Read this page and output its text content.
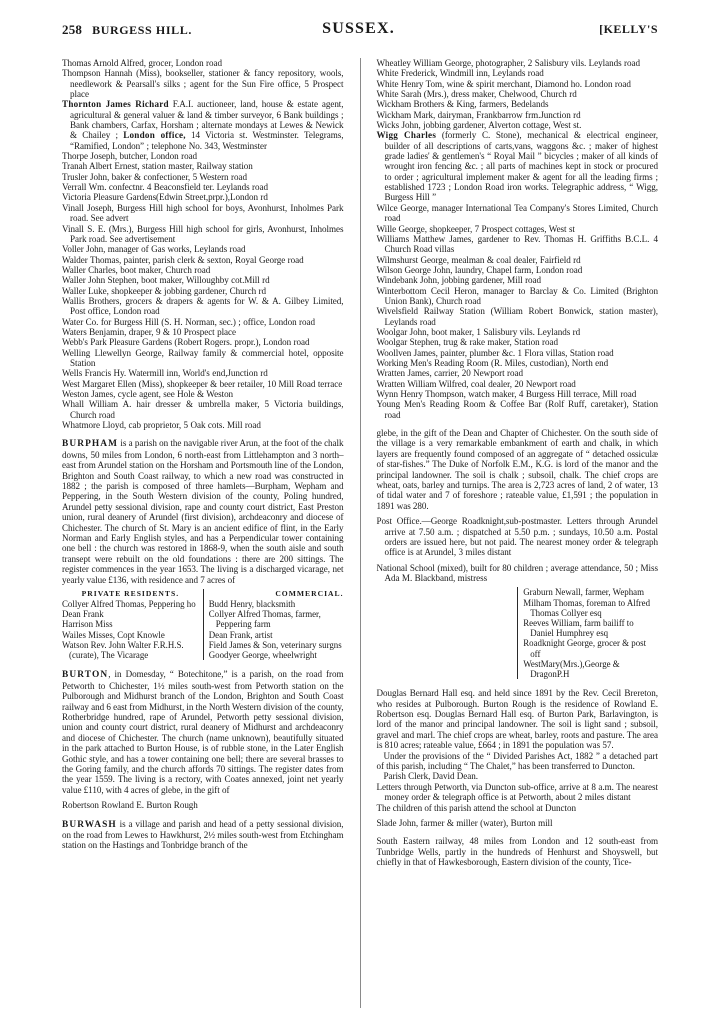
258 BURGESS HILL.	SUSSEX.	[KELLY'S

Thomas Arnold Alfred, grocer, London road

Thompson Hannah (Miss), bookseller, stationer & fancy repository, wools, needlework & Pearsall's silks ; agent for the Sun Fire office, 5 Prospect place

Thornton James Richard F.A.I. auctioneer, land, house & estate agent, agricultural & general valuer & land & timber surveyor, 6 Bank buildings ; Bank chambers, Carfax, Horsham ; alternate mondays at Lewes & Newick & Chailey ; London office, 14 Victoria st. Westminster. Telegrams, “Ramified, London” ; telephone No. 343, Westminster

Thorpe Joseph, butcher, London road

Tranah Albert Ernest, station master, Railway station

Trusler John, baker & confectioner, 5 Western road

Verrall Wm. confectnr. 4 Beaconsfield ter. Leylands road

Victoria Pleasure Gardens(Edwin Street,prpr.),London rd

Vinall Joseph, Burgess Hill high school for boys, Avonhurst, Inholmes Park road. See advert

Vinall S. E. (Mrs.), Burgess Hill high school for girls, Avonhurst, Inholmes Park road. See advertisement

Voller John, manager of Gas works, Leylands road

Walder Thomas, painter, parish clerk & sexton, Royal George road

Waller Charles, boot maker, Church road

Waller John Stephen, boot maker, Willoughby cot.Mill rd

Waller Luke, shopkeeper & jobbing gardener, Church rd

Wallis Brothers, grocers & drapers & agents for W. & A. Gilbey Limited, Post office, London road

Water Co. for Burgess Hill (S. H. Norman, sec.) ; office, London road

Waters Benjamin, draper, 9 & 10 Prospect place

Webb's Park Pleasure Gardens (Robert Rogers. propr.), London road

Welling Llewellyn George, Railway family & commercial hotel, opposite Station

Wells Francis Hy. Watermill inn, World's end,Junction rd

West Margaret Ellen (Miss), shopkeeper & beer retailer, 10 Mill Road terrace

Weston James, cycle agent, see Hole & Weston

Whall William A. hair dresser & umbrella maker, 5 Victoria buildings, Church road

Whatmore Lloyd, cab proprietor, 5 Oak cots. Mill road

BURPHAM is a parish on the navigable river Arun, at the foot of the chalk downs, 50 miles from London, 6 north-east from Littlehampton and 3 north–east from Arundel station on the Horsham and Portsmouth line of the London, Brighton and South Coast railway, to which a new road was constructed in 1882 ; the parish is composed of three hamlets—Burpham, Wepham and Peppering, in the South Western division of the county, Poling hundred, Arundel petty sessional division, rape and county court district, East Preston union, rural deanery of Arundel (first division), archdeaconry and diocese of Chichester. The church of St. Mary is an ancient edifice of flint, in the Early Norman and Early English styles, and has a Perpendicular tower containing one bell : the church was restored in 1868-9, when the south aisle and south transept were rebuilt on the old foundations : there are 200 sittings. The register commences in the year 1653. The living is a discharged vicarage, net yearly value £136, with residence and 7 acres of

PRIVATE RESIDENTS.

Collyer Alfred Thomas, Peppering ho

Dean Frank

Harrison Miss

Wailes Misses, Copt Knowle

Watson Rev. John Walter F.R.H.S. (curate), The Vicarage

COMMERCIAL.

Budd Henry, blacksmith

Collyer Alfred Thomas, farmer, Peppering farm

Dean Frank, artist

Field James & Son, veterinary surgns

Goodyer George, wheelwright

BURTON, in Domesday, “ Botechitone,” is a parish, on the road from Petworth to Chichester, 1½ miles south-west from Petworth station on the Pulborough and Midhurst branch of the London, Brighton and South Coast railway and 6 east from Midhurst, in the North Western division of the county, Rotherbridge hundred, rape of Arundel, Petworth petty sessional division, union and county court district, rural deanery of Midhurst and archdeaconry and diocese of Chichester. The church (name unknown), beautifully situated in the park attached to Burton House, is of rubble stone, in the Later English Gothic style, and has a tower containing one bell; there are several brasses to the Goring family, and the church affords 70 sittings. The register dates from the year 1559. The living is a rectory, with Coates annexed, joint net yearly value £110, with 4 acres of glebe, in the gift of

Robertson Rowland E. Burton Rough

BURWASH is a village and parish and head of a petty sessional division, on the road from Lewes to Hawkhurst, 2½ miles south-west from Etchingham station on the Hastings and Tonbridge branch of the

Wheatley William George, photographer, 2 Salisbury vils. Leylands road

White Frederick, Windmill inn, Leylands road

White Henry Tom, wine & spirit merchant, Diamond ho. London road

White Sarah (Mrs.), dress maker, Chelwood, Church rd

Wickham Brothers & King, farmers, Bedelands

Wickham Mark, dairyman, Frankbarrow frm.Junction rd

Wicks John, jobbing gardener, Alverton cottage, West st.

Wigg Charles (formerly C. Stone), mechanical & electrical engineer, builder of all descriptions of carts,vans, waggons &c. ; maker of highest grade ladies' & gentlemen's “ Royal Mail ” bicycles ; maker of all kinds of wrought iron fencing &c. ; all parts of machines kept in stock or procured to order ; agricultural implement maker & agent for all the leading firms ; established 1723 ; London Road iron works. Telegraphic address, “ Wigg, Burgess Hill ”

Wilce George, manager International Tea Company's Stores Limited, Church road

Wille George, shopkeeper, 7 Prospect cottages, West st

Williams Matthew James, gardener to Rev. Thomas H. Griffiths B.C.L. 4 Church Road villas

Wilmshurst George, mealman & coal dealer, Fairfield rd

Wilson George John, laundry, Chapel farm, London road

Windebank John, jobbing gardener, Mill road

Winterbottom Cecil Heron, manager to Barclay & Co. Limited (Brighton Union Bank), Church road

Wivelsfield Railway Station (William Robert Bonwick, station master), Leylands road

Woolgar John, boot maker, 1 Salisbury vils. Leylands rd

Woolgar Stephen, trug & rake maker, Station road

Woollven James, painter, plumber &c. 1 Flora villas, Station road

Working Men's Reading Room (R. Miles, custodian), North end

Wratten James, carrier, 20 Newport road

Wratten William Wilfred, coal dealer, 20 Newport road

Wynn Henry Thompson, watch maker, 4 Burgess Hill terrace, Mill road

Young Men's Reading Room & Coffee Bar (Rolf Ruff, caretaker), Station road

glebe, in the gift of the Dean and Chapter of Chichester. On the south side of the village is a very remarkable embankment of earth and chalk, in which layers are frequently found composed of an aggregate of “ detached ossiculæ of star-fishes.” The Duke of Norfolk E.M., K.G. is lord of the manor and the principal landowner. The soil is chalk ; subsoil, chalk. The chief crops are wheat, oats, barley and turnips. The area is 2,723 acres of land, 2 of water, 13 of tidal water and 7 of foreshore ; rateable value, £1,591 ; the population in 1891 was 280.

Post Office.—George Roadknight,sub-postmaster. Letters through Arundel arrive at 7.50 a.m. ; dispatched at 5.50 p.m. ; sundays, 10.50 a.m. Postal orders are issued here, but not paid. The nearest money order & telegraph office is at Arundel, 3 miles distant

National School (mixed), built for 80 children ; average attendance, 50 ; Miss Ada M. Blackband, mistress

Graburn Newall, farmer, Wepham

Milham Thomas, foreman to Alfred Thomas Collyer esq

Reeves William, farm bailiff to Daniel Humphrey esq

Roadknight George, grocer & post off

WestMary(Mrs.),George & DragonP.H

Douglas Bernard Hall esq. and held since 1891 by the Rev. Cecil Brereton, who resides at Pulborough. Burton Rough is the residence of Rowland E. Robertson esq. Douglas Bernard Hall esq. of Burton Park, Barlavington, is lord of the manor and principal landowner. The soil is light sand ; subsoil, gravel and marl. The chief crops are wheat, barley, roots and pasture. The area is 810 acres; rateable value, £664 ; in 1891 the population was 57.

Under the provisions of the “ Divided Parishes Act, 1882 ” a detached part of this parish, including “ The Chalet,” has been transferred to Duncton.

Parish Clerk, David Dean.

Letters through Petworth, via Duncton sub-office, arrive at 8 a.m. The nearest money order & telegraph office is at Petworth, about 2 miles distant

The children of this parish attend the school at Duncton

Slade John, farmer & miller (water), Burton mill

South Eastern railway, 48 miles from London and 12 south-east from Tunbridge Wells, partly in the hundreds of Henhurst and Shoyswell, but chiefly in that of Hawkesborough, Eastern division of the county, Tice-
